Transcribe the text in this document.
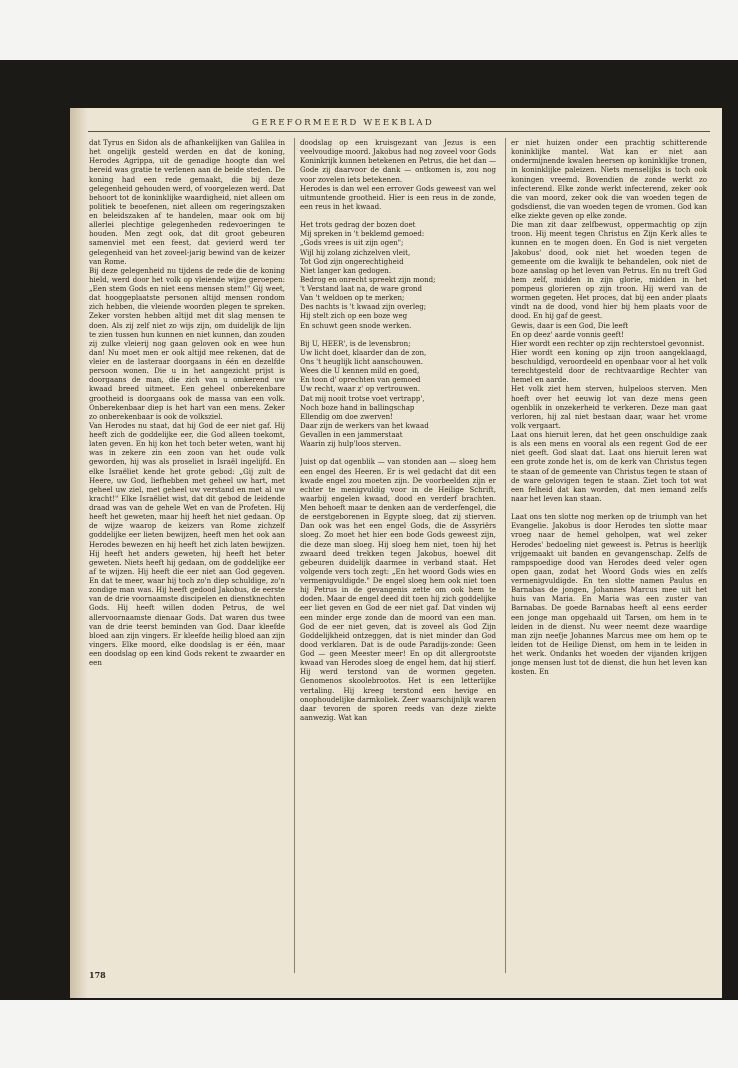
GEREFORMEERD WEEKBLAD

dat Tyrus en Sidon als de afhankelijken van Galilea in het ongelijk gesteld werden en dat de koning, Herodes Agrippa, uit de genadige hoogte dan wel bereid was gratie te verlenen aan de beide steden. De koning had een rede gemaakt, die bij deze gelegenheid gehouden werd, of voorgelezen werd. Dat behoort tot de koninklijke waardigheid, niet alleen om politiek te beoefenen, niet alleen om regeringszaken en beleidszaken af te handelen, maar ook om bij allerlei plechtige gelegenheden redevoeringen te houden. Men zegt ook, dat dit groot gebeuren samenviel met een feest, dat gevierd werd ter gelegenheid van het zoveel-jarig bewind van de keizer van Rome.
Bij deze gelegenheid nu tijdens de rede die de koning hield, werd door het volk op vleiende wijze geroepen: „Een stem Gods en niet eens mensen stem!" Gij weet, dat hooggeplaatste personen altijd mensen rondom zich hebben, die vleiende woorden plegen te spreken. Zeker vorsten hebben altijd met dit slag mensen te doen. Als zij zelf niet zo wijs zijn, om duidelijk de lijn te zien tussen hun kunnen en niet kunnen, dan zouden zij zulke vleierij nog gaan geloven ook en wee hun dan! Nu moet men er ook altijd mee rekenen, dat de vleier en de lasteraar doorgaans in één en dezelfde persoon wonen. Die u in het aangezicht prijst is doorgaans de man, die zich van u omkerend uw kwaad breed uitmeet. Een geheel onberekenbare grootheid is doorgaans ook de massa van een volk. Onberekenbaar diep is het hart van een mens. Zeker zo onberekenbaar is ook de volksziel.
Van Herodes nu staat, dat hij God de eer niet gaf. Hij heeft zich de goddelijke eer, die God alleen toekomt, laten geven. En hij kon het toch beter weten, want hij was in zekere zin een zoon van het oude volk geworden, hij was als proseliet in Israël ingelijfd. En elke Israëliet kende het grote gebod: „Gij zult de Heere, uw God, liefhebben met geheel uw hart, met geheel uw ziel, met geheel uw verstand en met al uw kracht!" Elke Israëliet wist, dat dit gebod de leidende draad was van de gehele Wet en van de Profeten. Hij heeft het geweten, maar hij heeft het niet gedaan. Op de wijze waarop de keizers van Rome zichzelf goddelijke eer lieten bewijzen, heeft men het ook aan Herodes bewezen en hij heeft het zich laten bewijzen. Hij heeft het anders geweten, hij heeft het beter geweten. Niets heeft hij gedaan, om de goddelijke eer af te wijzen. Hij heeft die eer niet aan God gegeven. En dat te meer, waar hij toch zo'n diep schuldige, zo'n zondige man was. Hij heeft gedood Jakobus, de eerste van de drie voornaamste discipelen en dienstknechten Gods. Hij heeft willen doden Petrus, de wel allervoornaamste dienaar Gods. Dat waren dus twee van de drie teerst beminden van God. Daar kleefde bloed aan zijn vingers. Er kleefde heilig bloed aan zijn vingers. Elke moord, elke doodslag is er één, maar een doodslag op een kind Gods rekent te zwaarder en een

doodslag op een kruisgezant van Jezus is een veelvoudige moord. Jakobus had nog zoveel voor Gods Koninkrijk kunnen betekenen en Petrus, die het dan — Gode zij daarvoor de dank — ontkomen is, zou nog voor zovelen iets betekenen.
Herodes is dan wel een errover Gods geweest van wel uitmuntende grootheid. Hier is een reus in de zonde, een reus in het kwaad.

Het trots gedrag der bozen doet
Mij spreken in 't beklemd gemoed:
„Gods vrees is uit zijn ogen";
Wijl hij zolang zichzelven vleit,
Tot God zijn ongerechtigheid
Niet langer kan gedogen.
Bedrog en onrecht spreekt zijn mond;
't Verstand laat na, de ware grond
Van 't weldoen op te merken;
Des nachts is 't kwaad zijn overleg;
Hij stelt zich op een boze weg
En schuwt geen snode werken.

Bij U, HEER', is de levensbron;
Uw licht doet, klaarder dan de zon,
Ons 't heuglijk licht aanschouwen.
Wees die U kennen mild en goed,
En toon d' oprechten van gemoed
Uw recht, waar z' op vertrouwen.
Dat mij nooit trotse voet vertrapp',
Noch boze hand in ballingschap
Ellendig om doe zwerven!
Daar zijn de werkers van het kwaad
Gevallen in een jammerstaat
Waarin zij hulp'loos sterven.

Juist op dat ogenblik — van stonden aan — sloeg hem een engel des Heeren. Er is wel gedacht dat dit een kwade engel zou moeten zijn. De voorbeelden zijn er echter te menigvuldig voor in de Heilige Schrift, waarbij engelen kwaad, dood en verderf brachten. Men behoeft maar te denken aan de verderfengel, die de eerstgeborenen in Egypte sloeg, dat zij stierven. Dan ook was het een engel Gods, die de Assyriërs sloeg. Zo moet het hier een bode Gods geweest zijn, die deze man sloeg. Hij sloeg hem niet, toen hij het zwaard deed trekken tegen Jakobus, hoewel dit gebeuren duidelijk daarmee in verband staat. Het volgende vers toch zegt: „En het woord Gods wies en vermenigvuldigde." De engel sloeg hem ook niet toen hij Petrus in de gevangenis zette om ook hem te doden. Maar de engel deed dit toen hij zich goddelijke eer liet geven en God de eer niet gaf. Dat vinden wij een minder erge zonde dan de moord van een man. God de eer niet geven, dat is zoveel als God Zijn Goddelijkheid ontzeggen, dat is niet minder dan God dood verklaren. Dat is de oude Paradijs-zonde: Geen God — geen Meester meer! En op dit allergrootste kwaad van Herodes sloeg de engel hem, dat hij stierf. Hij werd terstond van de wormen gegeten. Genomenos skoolebrootos. Het is een letterlijke vertaling. Hij kreeg terstond een hevige en onophoudelijke darmkoliek. Zeer waarschijnlijk waren daar tevoren de sporen reeds van deze ziekte aanwezig. Wat kan

er niet huizen onder een prachtig schitterende koninklijke mantel. Wat kan er niet aan ondermijnende kwalen heersen op koninklijke tronen, in koninklijke paleizen. Niets menselijks is toch ook koningen vreemd. Bovendien de zonde werkt zo infecterend. Elke zonde werkt infecterend, zeker ook die van moord, zeker ook die van woeden tegen de godsdienst, die van woeden tegen de vromen. God kan elke ziekte geven op elke zonde.
Die man zit daar zelfbewust, oppermachtig op zijn troon. Hij meent tegen Christus en Zijn Kerk alles te kunnen en te mogen doen. En God is niet vergeten Jakobus' dood, ook niet het woeden tegen de gemeente om die kwalijk te behandelen, ook niet de boze aanslag op het leven van Petrus. En nu treft God hem zelf, midden in zijn glorie, midden in het pompeus glorieren op zijn troon. Hij werd van de wormen gegeten. Het proces, dat bij een ander plaats vindt na de dood, vond hier bij hem plaats voor de dood. En hij gaf de geest.
Gewis, daar is een God, Die leeft
En op deez' aarde vonnis geeft!
Hier wordt een rechter op zijn rechterstoel gevonnist.
Hier wordt een koning op zijn troon aangeklaagd, beschuldigd, veroordeeld en openbaar voor al het volk terechtgesteld door de rechtvaardige Rechter van hemel en aarde.
Het volk ziet hem sterven, hulpeloos sterven. Men hoeft over het eeuwig lot van deze mens geen ogenblik in onzekerheid te verkeren. Deze man gaat verloren, hij zal niet bestaan daar, waar het vrome volk vergaart.
Laat ons hieruit leren, dat het geen onschuldige zaak is als een mens en vooral als een regent God de eer niet geeft. God slaat dat. Laat ons hieruit leren wat een grote zonde het is, om de kerk van Christus tegen te staan of de gemeente van Christus tegen te staan of de ware gelovigen tegen te staan. Ziet toch tot wat een felheid dat kan worden, dat men iemand zelfs naar het leven kan staan.

Laat ons ten slotte nog merken op de triumph van het Evangelie. Jakobus is door Herodes ten slotte maar vroeg naar de hemel geholpen, wat wel zeker Herodes' bedoeling niet geweest is. Petrus is heerlijk vrijgemaakt uit banden en gevangenschap. Zelfs de rampspoedige dood van Herodes deed veler ogen open gaan, zodat het Woord Gods wies en zelfs vermenigvuldigde. En ten slotte namen Paulus en Barnabas de jongen, Johannes Marcus mee uit het huis van Maria. En Maria was een zuster van Barnabas. De goede Barnabas heeft al eens eerder een jonge man opgehaald uit Tarsen, om hem in te leiden in de dienst. Nu weer neemt deze waardige man zijn neefje Johannes Marcus mee om hem op te leiden tot de Heilige Dienst, om hem in te leiden in het werk. Ondanks het woeden der vijanden krijgen jonge mensen lust tot de dienst, die hun het leven kan kosten. En

178
